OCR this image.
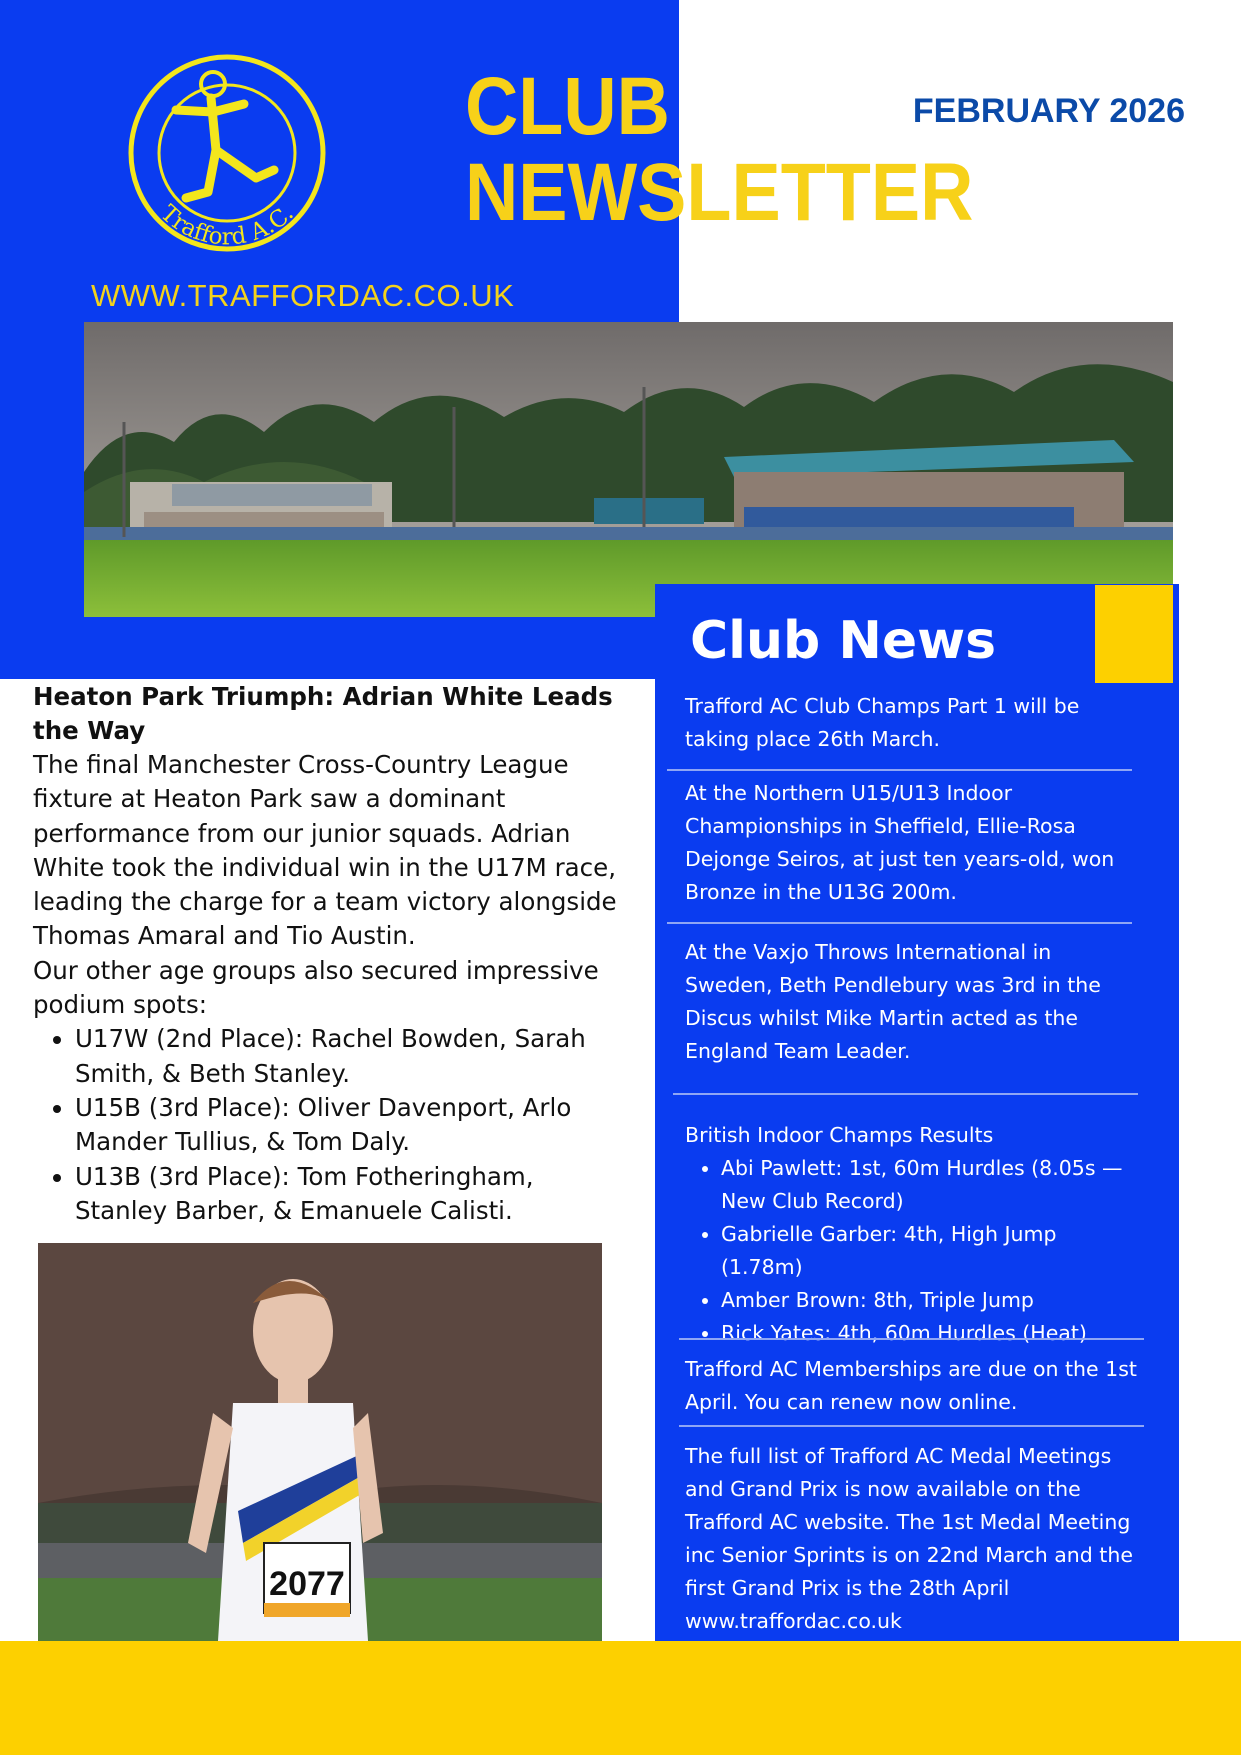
Trafford A.C.
WWW.TRAFFORDAC.CO.UK
CLUB
NEWSLETTER
FEBRUARY 2026
Club News
Trafford AC Club Champs Part 1 will be taking place 26th March.
At the Northern U15/U13 Indoor Championships in Sheffield, Ellie-Rosa Dejonge Seiros, at just ten years-old, won Bronze in the U13G 200m.
At the Vaxjo Throws International in Sweden, Beth Pendlebury was 3rd in the Discus whilst Mike Martin acted as the England Team Leader.
British Indoor Champs Results
• Abi Pawlett: 1st, 60m Hurdles (8.05s — New Club Record)
• Gabrielle Garber: 4th, High Jump (1.78m)
• Amber Brown: 8th, Triple Jump
• Rick Yates: 4th, 60m Hurdles (Heat)
Trafford AC Memberships are due on the 1st April. You can renew now online.
The full list of Trafford AC Medal Meetings and Grand Prix is now available on the Trafford AC website. The 1st Medal Meeting inc Senior Sprints is on 22nd March and the first Grand Prix is the 28th April
www.traffordac.co.uk
Heaton Park Triumph: Adrian White Leads the Way

The final Manchester Cross-Country League fixture at Heaton Park saw a dominant performance from our junior squads. Adrian White took the individual win in the U17M race, leading the charge for a team victory alongside Thomas Amaral and Tio Austin.

Our other age groups also secured impressive podium spots:

• U17W (2nd Place): Rachel Bowden, Sarah Smith, & Beth Stanley.
• U15B (3rd Place): Oliver Davenport, Arlo Mander Tullius, & Tom Daly.
• U13B (3rd Place): Tom Fotheringham, Stanley Barber, & Emanuele Calisti.
2077
